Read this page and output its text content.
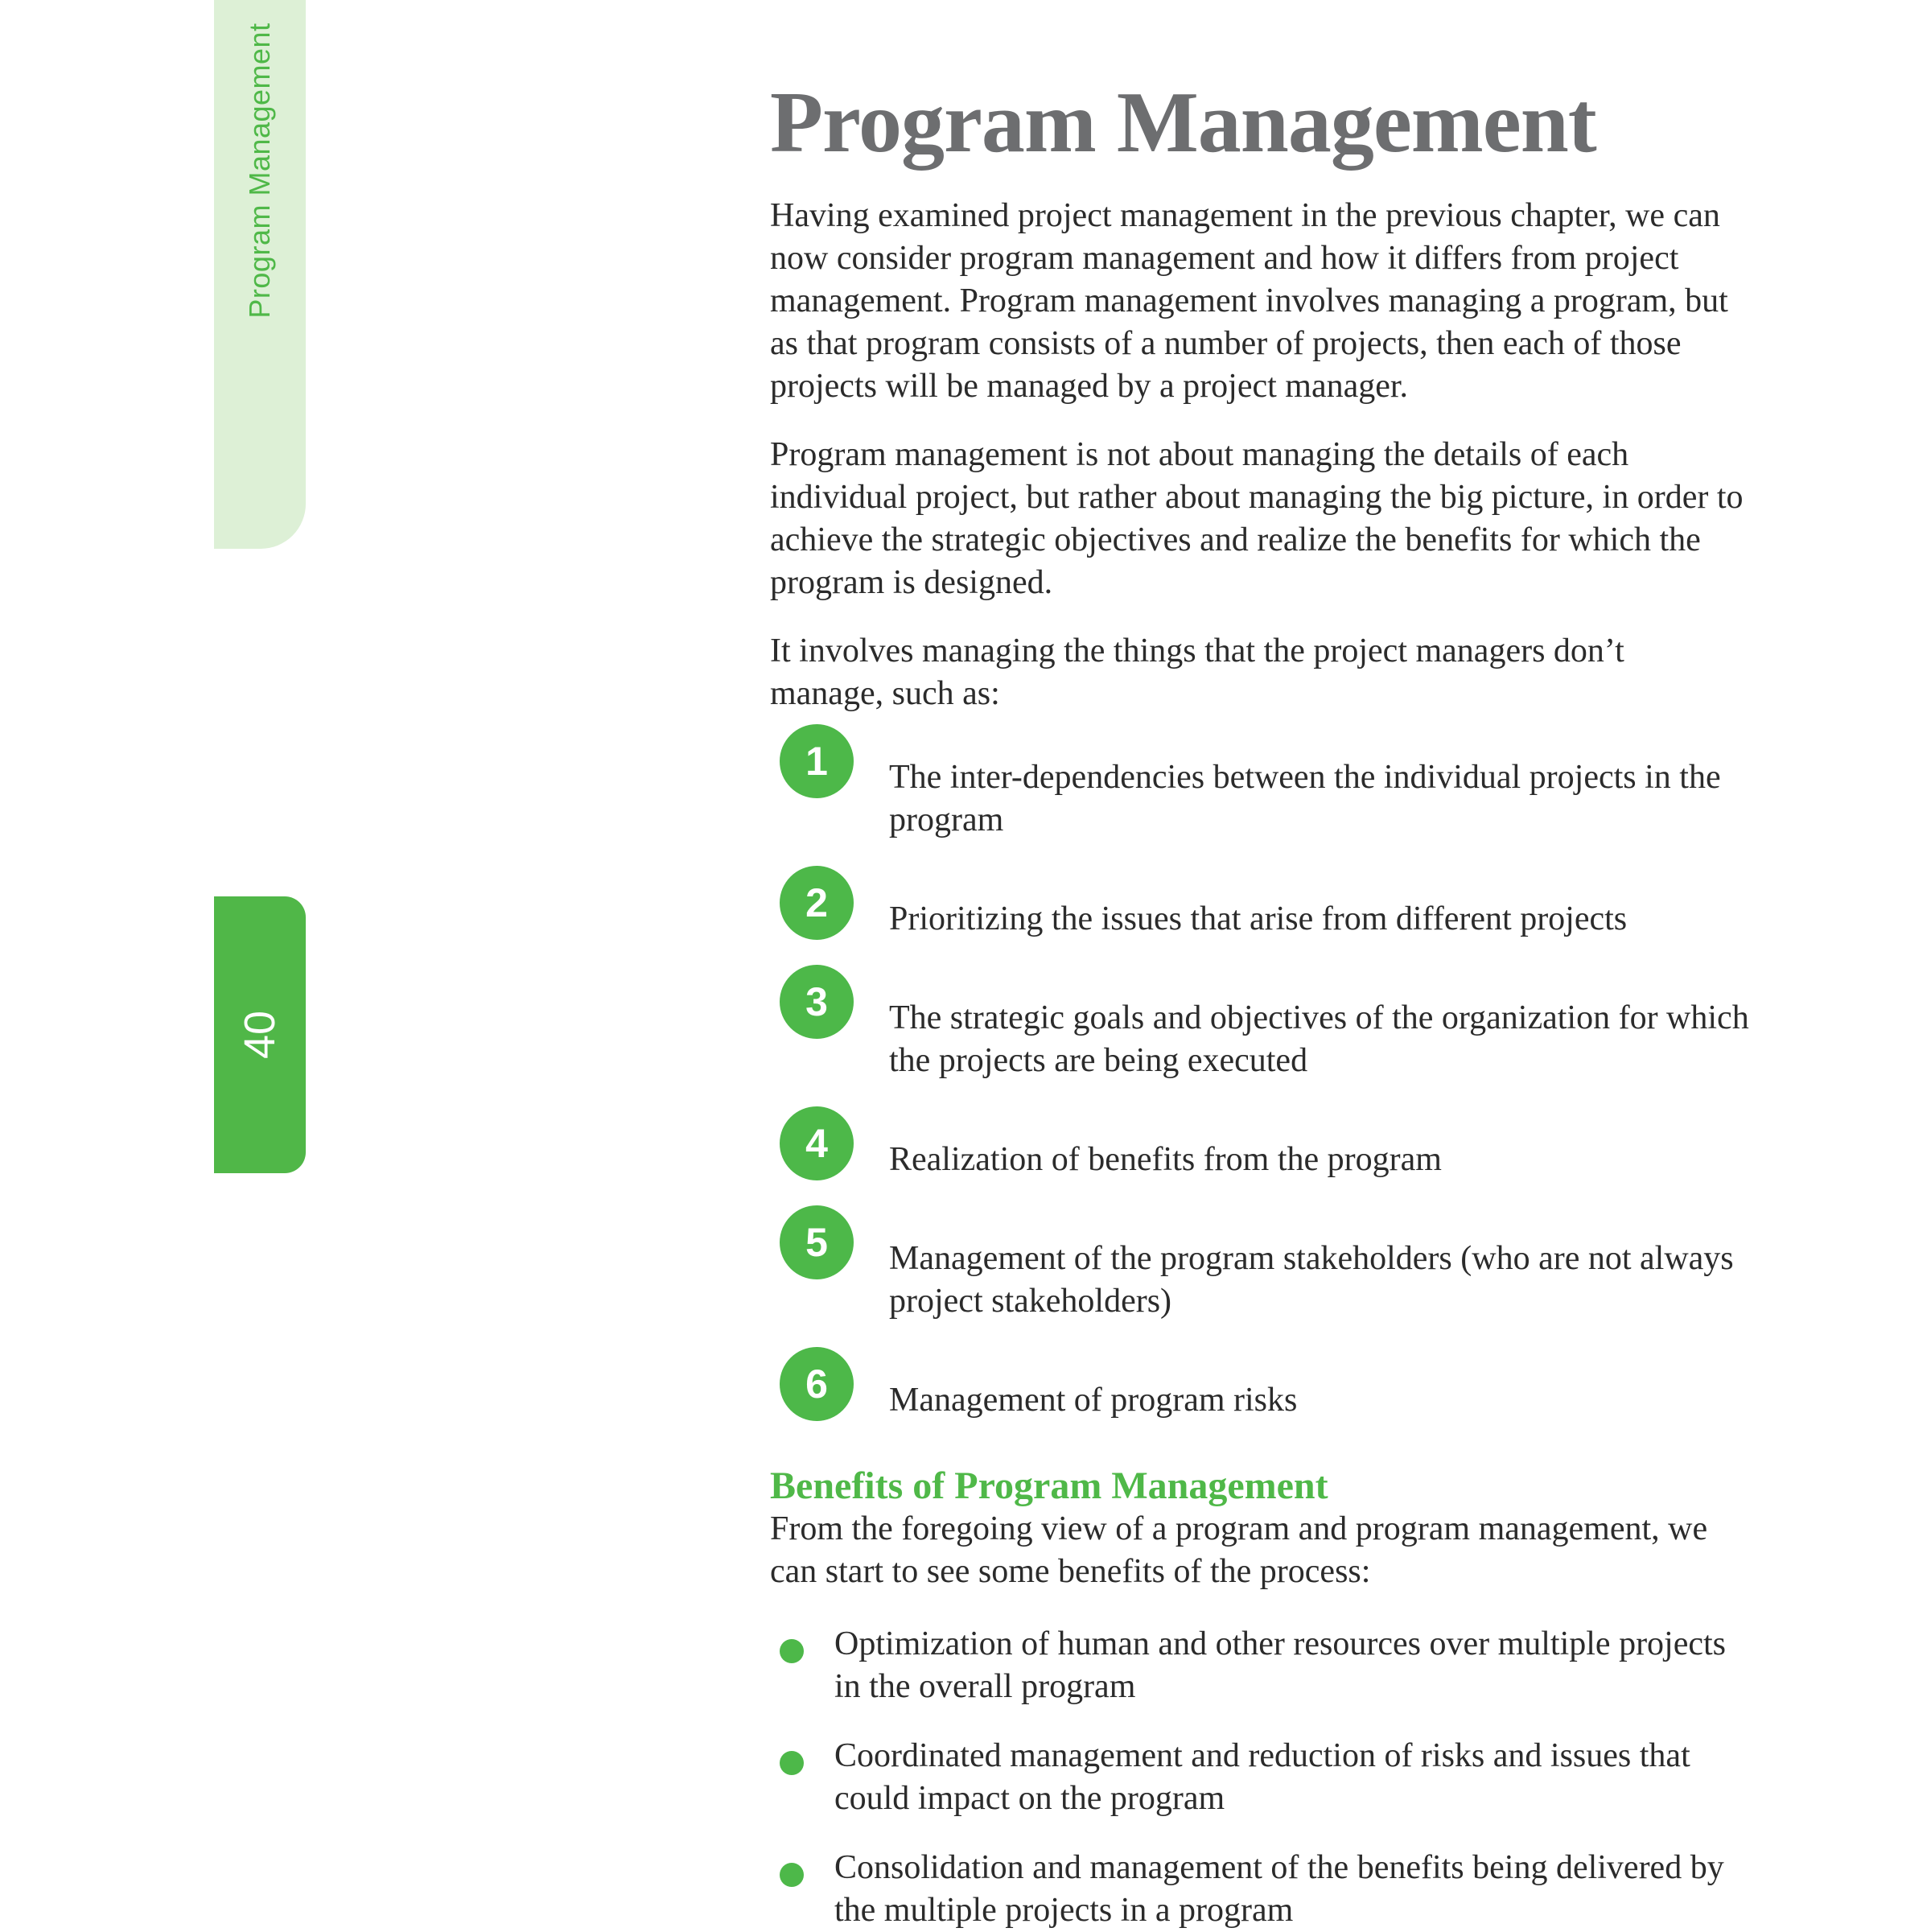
Program Management
40
Program Management

Having examined project management in the previous chapter, we can now consider program management and how it differs from project management. Program management involves managing a program, but as that program consists of a number of projects, then each of those projects will be managed by a project manager.

Program management is not about managing the details of each individual project, but rather about managing the big picture, in order to achieve the strategic objectives and realize the benefits for which the program is designed.

It involves managing the things that the project managers don’t manage, such as:

1	The inter-dependencies between the individual projects in the program
2	Prioritizing the issues that arise from different projects
3	The strategic goals and objectives of the organization for which the projects are being executed
4	Realization of benefits from the program
5	Management of the program stakeholders (who are not always project stakeholders)
6	Management of program risks
Benefits of Program Management

From the foregoing view of a program and program management, we can start to see some benefits of the process:

Optimization of human and other resources over multiple projects in the overall program
Coordinated management and reduction of risks and issues that could impact on the program
Consolidation and management of the benefits being delivered by the multiple projects in a program
